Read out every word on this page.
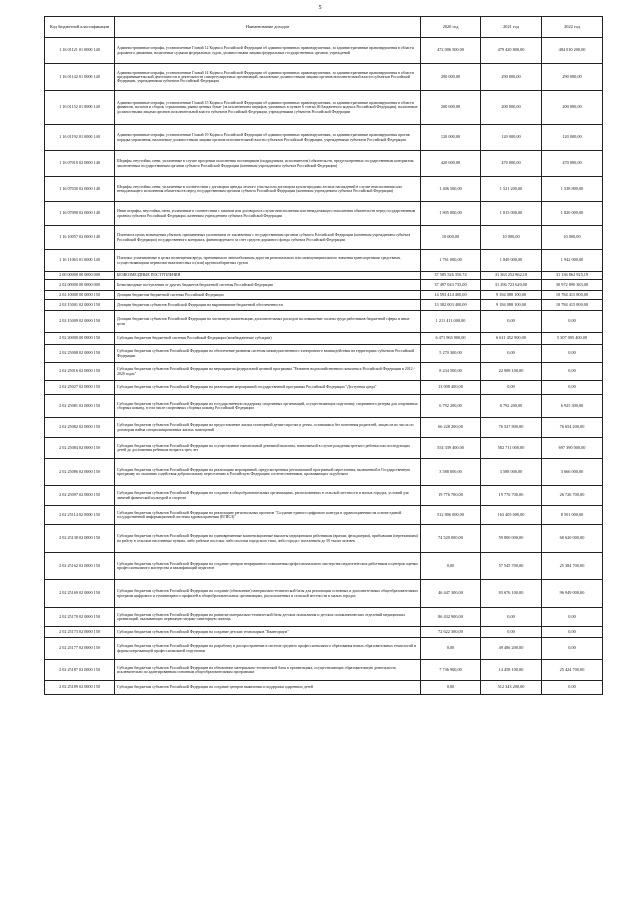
5
Код бюджетной классификации	Наименование доходов	2020 год	2021 год	2022 год
1 16 01121 01 0000 140	Административные штрафы, установленные Главой 12 Кодекса Российской Федерации об административных правонарушениях, за административные правонарушения в области дорожного движения, налагаемые судьями федеральных судов, должностными лицами федеральных государственных органов, учреждений	472 006 500,00	479 420 800,00	484 010 200,00
1 16 01142 01 0000 140	Административные штрафы, установленные Главой 14 Кодекса Российской Федерации об административных правонарушениях, за административные правонарушения в области предпринимательской деятельности и деятельности саморегулируемых организаций, налагаемые должностными лицами органов исполнительной власти субъектов Российской Федерации, учреждениями субъектов Российской Федерации	290 000,00	290 000,00	290 000,00
1 16 01152 01 0000 140	Административные штрафы, установленные Главой 15 Кодекса Российской Федерации об административных правонарушениях, за административные правонарушения в области финансов, налогов и сборов, страхования, рынка ценных бумаг (за исключением штрафов, указанных в пункте 6 статьи 46 Бюджетного кодекса Российской Федерации), налагаемые должностными лицами органов исполнительной власти субъектов Российской Федерации, учреждениями субъектов Российской Федерации	200 000,00	200 000,00	200 000,00
1 16 01192 01 0000 140	Административные штрафы, установленные Главой 19 Кодекса Российской Федерации об административных правонарушениях, за административные правонарушения против порядка управления, налагаемые должностными лицами органов исполнительной власти субъектов Российской Федерации, учреждениями субъектов Российской Федерации	120 000,00	120 000,00	120 000,00
1 16 07010 02 0000 140	Штрафы, неустойки, пени, уплаченные в случае просрочки исполнения поставщиком (подрядчиком, исполнителем) обязательств, предусмотренных государственным контрактом, заключенным государственным органом субъекта Российской Федерации (казенным учреждением субъекта Российской Федерации)	420 000,00	470 000,00	470 000,00
1 16 07030 02 0000 140	Штрафы, неустойки, пени, уплаченные в соответствии с договором аренды лесного участка или договором купли-продажи лесных насаждений в случае неисполнения или ненадлежащего исполнения обязательств перед государственным органом субъекта Российской Федерации (казенным учреждением субъекта Российской Федерации)	1 406 500,00	1 521 200,00	1 538 800,00
1 16 07090 02 0000 140	Иные штрафы, неустойки, пени, уплаченные в соответствии с законом или договором в случае неисполнения или ненадлежащего исполнения обязательств перед государственным органом субъекта Российской Федерации, казенным учреждением субъекта Российской Федерации	1 805 000,00	1 815 000,00	1 820 000,00
1 16 10057 02 0000 140	Платежи в целях возмещения убытков, причиненных уклонением от заключения с государственным органом субъекта Российской Федерации (казенным учреждением субъекта Российской Федерации) государственного контракта, финансируемого за счет средств дорожного фонда субъекта Российской Федерации	10 000,00	10 000,00	10 000,00
1 16 11063 01 0000 140	Платежи, уплачиваемые в целях возмещения вреда, причиняемого автомобильным дорогам регионального или межмуниципального значения транспортными средствами, осуществляющими перевозки тяжеловесных и (или) крупногабаритных грузов	1 761 000,00	1 849 000,00	1 942 000,00
2 00 00000 00 0000 000	БЕЗВОЗМЕЗДНЫЕ ПОСТУПЛЕНИЯ	37 585 526 350,74	31 363 252 862,10	31 136 862 925,19
2 02 00000 00 0000 000	Безвозмездные поступления от других бюджетов бюджетной системы Российской Федерации	37 497 043 735,00	31 296 723 620,00	30 972 890 383,00
2 02 10000 00 0000 150	Дотации бюджетам бюджетной системы Российской Федерации	14 593 414 400,00	9 184 088 100,00	10 784 415 800,00
2 02 15001 02 0000 150	Дотации бюджетам субъектов Российской Федерации на выравнивание бюджетной обеспеченности	13 382 003 400,00	9 184 088 100,00	10 784 415 800,00
2 02 15009 02 0000 150	Дотации бюджетам субъектов Российской Федерации на частичную компенсацию дополнительных расходов на повышение оплаты труда работников бюджетной сферы и иные цели	1 211 411 000,00	0,00	0,00
2 02 20000 00 0000 150	Субсидии бюджетам бюджетной системы Российской Федерации (межбюджетные субсидии)	6 471 963 900,00	6 611 452 900,00	5 307 005 400,00
2 02 25008 02 0000 150	Субсидии бюджетам субъектов Российской Федерации на обеспечение развития системы межведомственного электронного взаимодействия на территориях субъектов Российской Федерации	5 270 300,00	0,00	0,00
2 02 25016 02 0000 150	Субсидии бюджетам субъектов Российской Федерации на мероприятия федеральной целевой программы "Развитие водохозяйственного комплекса Российской Федерации в 2012 - 2020 годах"	8 234 500,00	22 908 100,00	0,00
2 02 25027 02 0000 150	Субсидии бюджетам субъектов Российской Федерации на реализацию мероприятий государственной программы Российской Федерации "Доступная среда"	13 008 400,00	0,00	0,00
2 02 25081 02 0000 150	Субсидии бюджетам субъектов Российской Федерации на государственную поддержку спортивных организаций, осуществляющих подготовку спортивного резерва для спортивных сборных команд, в том числе спортивных сборных команд Российской Федерации	6 792 200,00	6 792 200,00	6 925 300,00
2 02 25082 02 0000 150	Субсидии бюджетам субъектов Российской Федерации на предоставление жилых помещений детям-сиротам и детям, оставшимся без попечения родителей, лицам из их числа по договорам найма специализированных жилых помещений	66 228 200,00	76 527 800,00	76 654 200,00
2 02 25084 02 0000 150	Субсидии бюджетам субъектов Российской Федерации на осуществление ежемесячной денежной выплаты, назначаемой в случае рождения третьего ребенка или последующих детей до достижения ребенком возраста трех лет	554 339 400,00	582 711 000,00	697 390 000,00
2 02 25086 02 0000 150	Субсидии бюджетам субъектов Российской Федерации на реализацию мероприятий, предусмотренных региональной программой переселения, включенной в Государственную программу по оказанию содействия добровольному переселению в Российскую Федерацию соотечественников, проживающих за рубежом	3 588 000,00	3 588 000,00	3 666 000,00
2 02 25097 02 0000 150	Субсидии бюджетам субъектов Российской Федерации на создание в общеобразовательных организациях, расположенных в сельской местности и малых городах, условий для занятий физической культурой и спортом	19 776 700,00	19 776 700,00	26 726 700,00
2 02 25114 02 0000 150	Субсидии бюджетам субъектов Российской Федерации на реализацию региональных проектов "Создание единого цифрового контура в здравоохранении на основе единой государственной информационной системы здравоохранения (ЕГИСЗ)"	512 806 000,00	163 405 000,00	8 501 000,00
2 02 25138 02 0000 150	Субсидии бюджетам субъектов Российской Федерации на единовременные компенсационные выплаты медицинским работникам (врачам, фельдшерам), прибывшим (переехавшим) на работу в сельские населенные пункты, либо рабочие поселки, либо поселки городского типа, либо города с населением до 50 тысяч человек	74 520 000,00	59 800 000,00	68 620 000,00
2 02 25162 02 0000 150	Субсидии бюджетам субъектов Российской Федерации на создание центров непрерывного повышения профессионального мастерства педагогических работников и центров оценки профессионального мастерства и квалификаций педагогов	0,00	57 545 700,00	25 384 700,00
2 02 25169 02 0000 150	Субсидии бюджетам субъектов Российской Федерации на создание (обновление) материально-технической базы для реализации основных и дополнительных общеобразовательных программ цифрового и гуманитарного профилей в общеобразовательных организациях, расположенных в сельской местности и малых городах	46 447 300,00	83 676 100,00	96 949 000,00
2 02 25170 02 0000 150	Субсидии бюджетам субъектов Российской Федерации на развитие материально-технической базы детских поликлиник и детских поликлинических отделений медицинских организаций, оказывающих первичную медико-санитарную помощь	86 432 900,00	0,00	0,00
2 02 25173 02 0000 150	Субсидии бюджетам субъектов Российской Федерации на создание детских технопарков "Кванториум"	72 622 300,00	0,00	0,00
2 02 25177 02 0000 150	Субсидии бюджетам субъектов Российской Федерации на разработку и распространение в системе среднего профессионального образования новых образовательных технологий и формы опережающей профессиональной подготовки	0,00	49 486 200,00	0,00
2 02 25187 02 0000 150	Субсидии бюджетам субъектов Российской Федерации на обновление материально-технической базы в организациях, осуществляющих образовательную деятельность исключительно по адаптированным основным общеобразовательным программам	7 736 900,00	14 458 100,00	25 424 700,00
2 02 25189 02 0000 150	Субсидии бюджетам субъектов Российской Федерации на создание центров выявления и поддержки одаренных детей	0,00	512 343 200,00	0,00
